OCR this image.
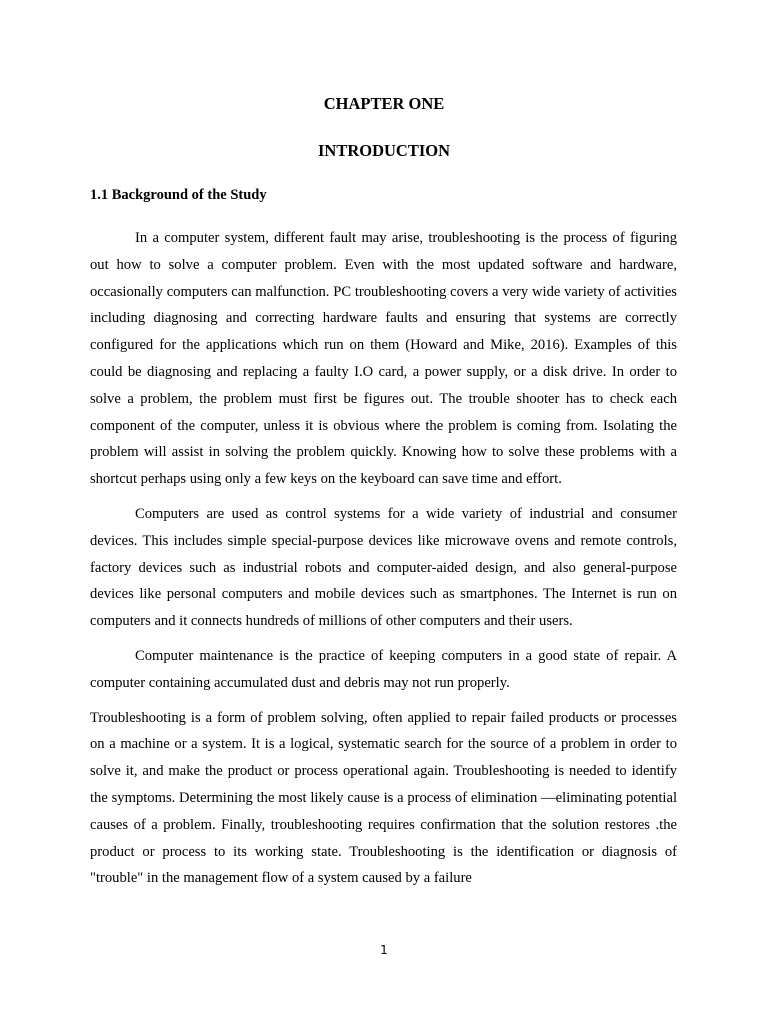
CHAPTER ONE
INTRODUCTION
1.1 Background of the Study

In a computer system, different fault may arise, troubleshooting is the process of figuring out how to solve a computer problem. Even with the most updated software and hardware, occasionally computers can malfunction. PC troubleshooting covers a very wide variety of activities including diagnosing and correcting hardware faults and ensuring that systems are correctly configured for the applications which run on them (Howard and Mike, 2016). Examples of this could be diagnosing and replacing a faulty I.O card, a power supply, or a disk drive. In order to solve a problem, the problem must first be figures out. The trouble shooter has to check each component of the computer, unless it is obvious where the problem is coming from. Isolating the problem will assist in solving the problem quickly. Knowing how to solve these problems with a shortcut perhaps using only a few keys on the keyboard can save time and effort.

Computers are used as control systems for a wide variety of industrial and consumer devices. This includes simple special-purpose devices like microwave ovens and remote controls, factory devices such as industrial robots and computer-aided design, and also general-purpose devices like personal computers and mobile devices such as smartphones. The Internet is run on computers and it connects hundreds of millions of other computers and their users.

Computer maintenance is the practice of keeping computers in a good state of repair. A computer containing accumulated dust and debris may not run properly.

Troubleshooting is a form of problem solving, often applied to repair failed products or processes on a machine or a system. It is a logical, systematic search for the source of a problem in order to solve it, and make the product or process operational again. Troubleshooting is needed to identify the symptoms. Determining the most likely cause is a process of elimination —eliminating potential causes of a problem. Finally, troubleshooting requires confirmation that the solution restores .the product or process to its working state. Troubleshooting is the identification or diagnosis of "trouble" in the management flow of a system caused by a failure

1
